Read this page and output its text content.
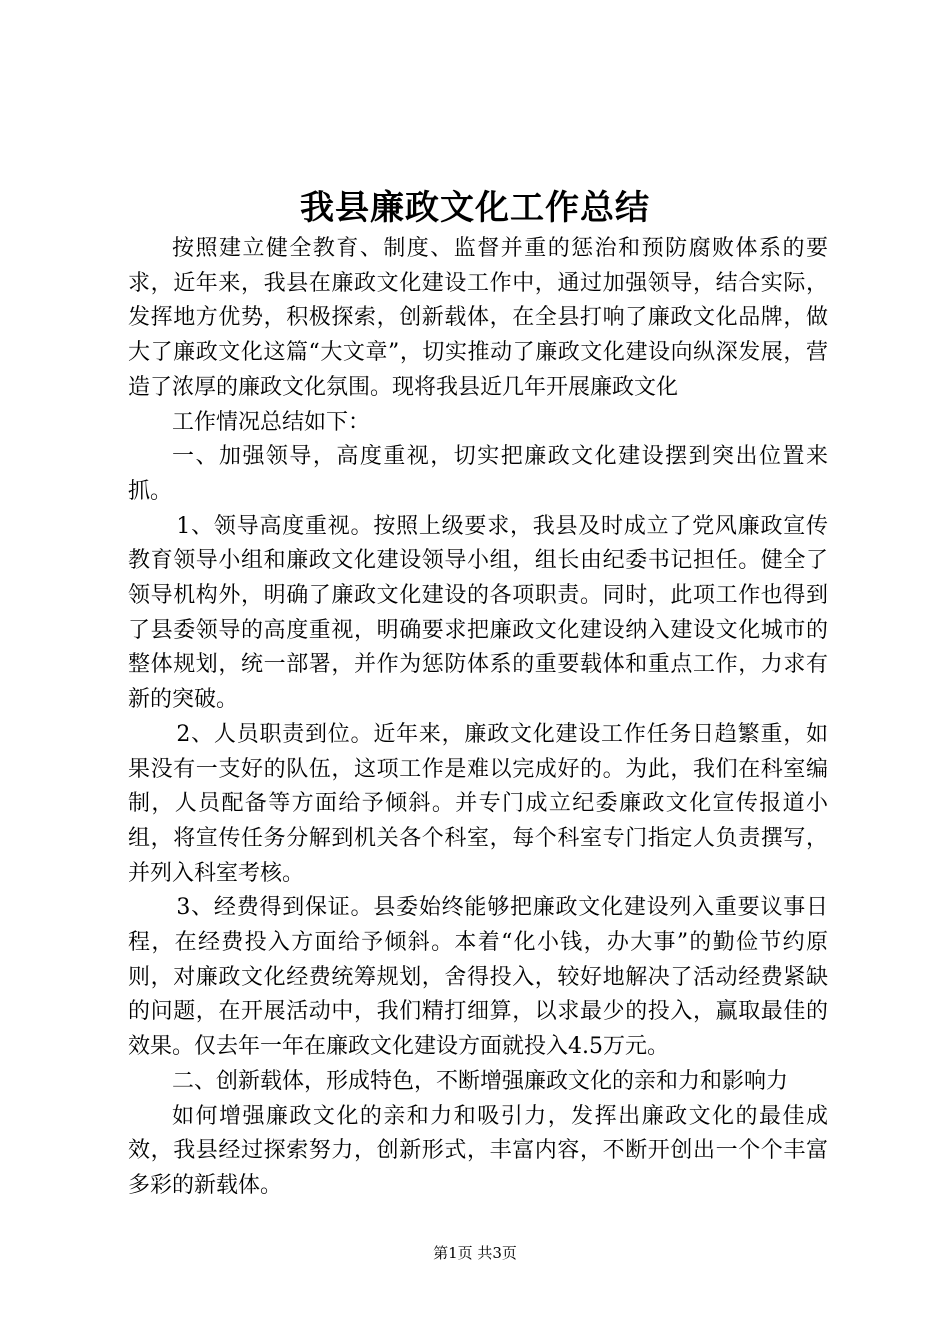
我县廉政文化工作总结

按照建立健全教育、制度、监督并重的惩治和预防腐败体系的要求，近年来，我县在廉政文化建设工作中，通过加强领导，结合实际，发挥地方优势，积极探索，创新载体，在全县打响了廉政文化品牌，做大了廉政文化这篇“大文章”，切实推动了廉政文化建设向纵深发展，营造了浓厚的廉政文化氛围。现将我县近几年开展廉政文化

工作情况总结如下：

一、加强领导，高度重视，切实把廉政文化建设摆到突出位置来抓。

1、领导高度重视。按照上级要求，我县及时成立了党风廉政宣传教育领导小组和廉政文化建设领导小组，组长由纪委书记担任。健全了领导机构外，明确了廉政文化建设的各项职责。同时，此项工作也得到了县委领导的高度重视，明确要求把廉政文化建设纳入建设文化城市的整体规划，统一部署，并作为惩防体系的重要载体和重点工作，力求有新的突破。

2、人员职责到位。近年来，廉政文化建设工作任务日趋繁重，如果没有一支好的队伍，这项工作是难以完成好的。为此，我们在科室编制，人员配备等方面给予倾斜。并专门成立纪委廉政文化宣传报道小组，将宣传任务分解到机关各个科室，每个科室专门指定人负责撰写，并列入科室考核。

3、经费得到保证。县委始终能够把廉政文化建设列入重要议事日程，在经费投入方面给予倾斜。本着“化小钱，办大事”的勤俭节约原则，对廉政文化经费统筹规划，舍得投入，较好地解决了活动经费紧缺的问题，在开展活动中，我们精打细算，以求最少的投入，赢取最佳的效果。仅去年一年在廉政文化建设方面就投入4.5万元。

二、创新载体，形成特色，不断增强廉政文化的亲和力和影响力

如何增强廉政文化的亲和力和吸引力，发挥出廉政文化的最佳成效，我县经过探索努力，创新形式，丰富内容，不断开创出一个个丰富多彩的新载体。

第1页 共3页
